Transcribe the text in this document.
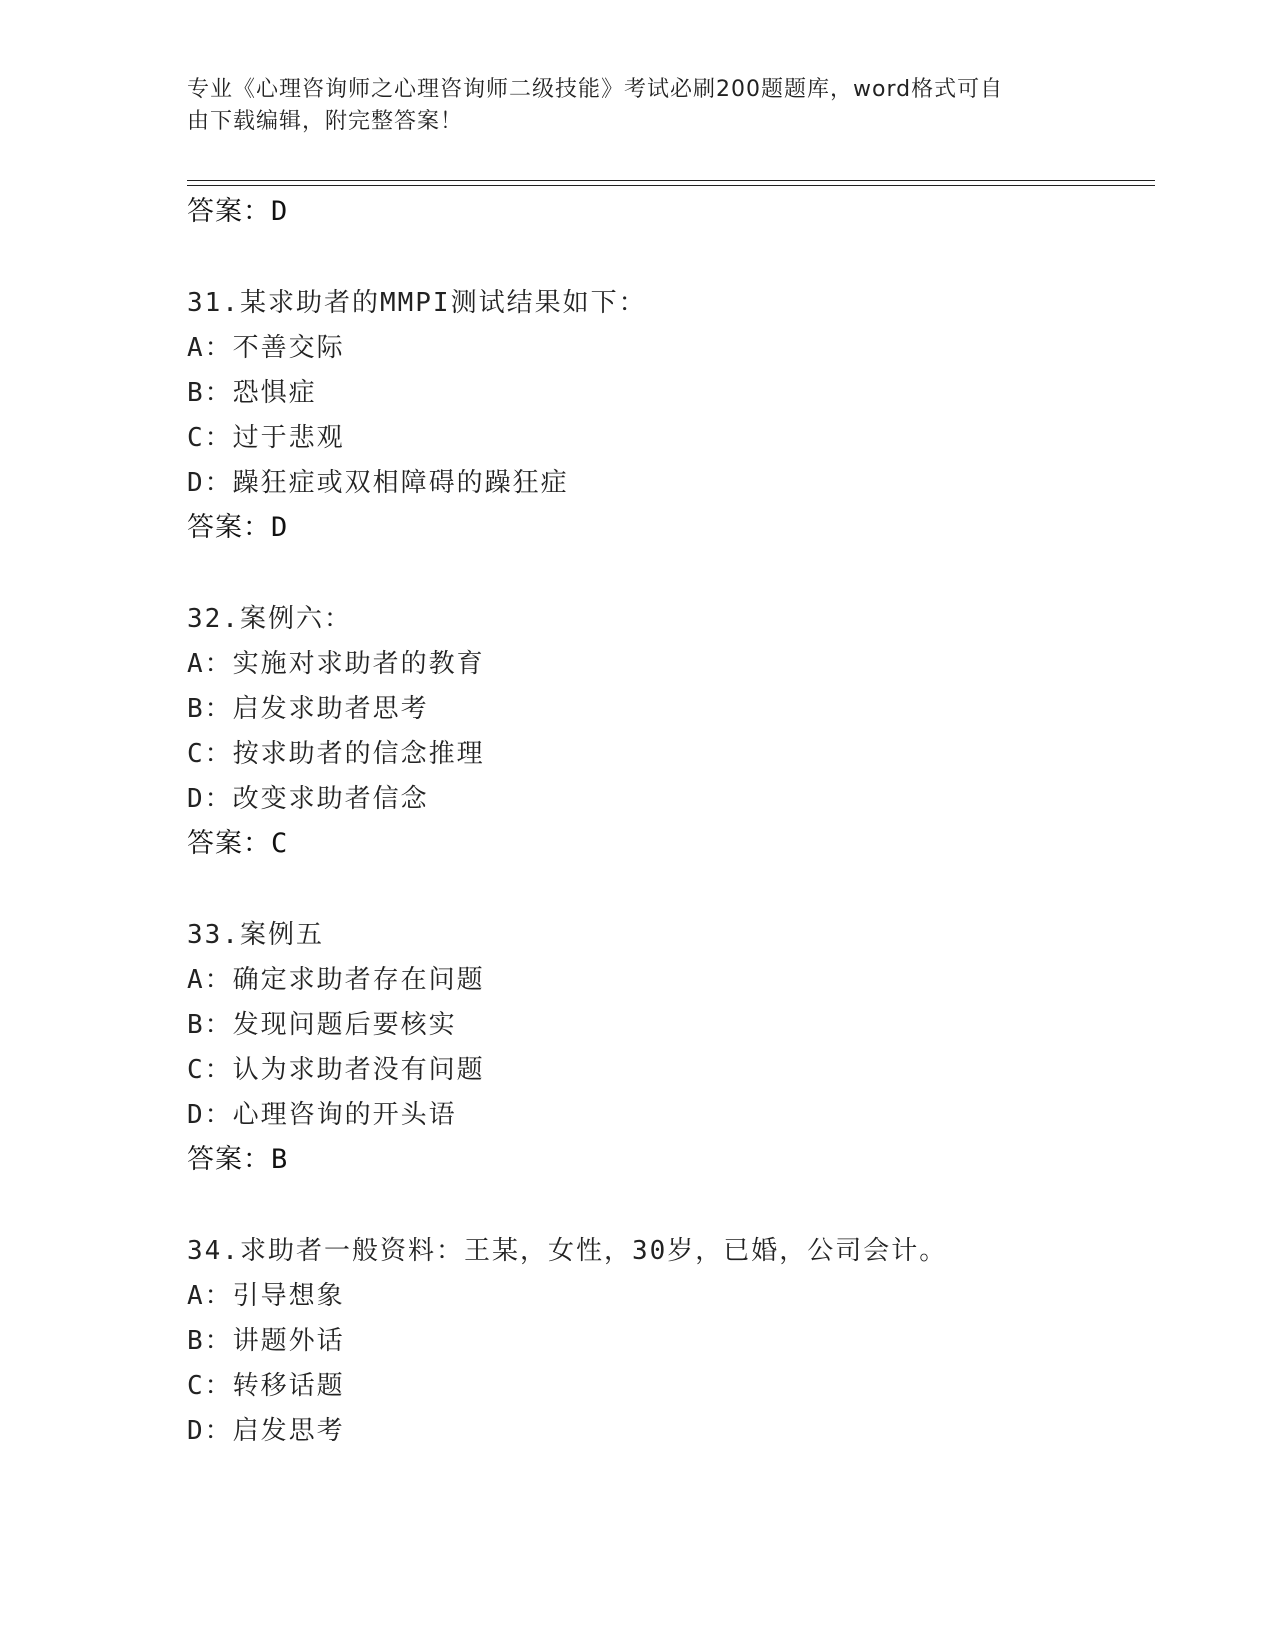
专业《心理咨询师之心理咨询师二级技能》考试必刷200题题库，word格式可自
由下载编辑，附完整答案！
答案：D
31.某求助者的MMPI测试结果如下：
A：不善交际
B：恐惧症
C：过于悲观
D：躁狂症或双相障碍的躁狂症
答案：D
32.案例六：
A：实施对求助者的教育
B：启发求助者思考
C：按求助者的信念推理
D：改变求助者信念
答案：C
33.案例五
A：确定求助者存在问题
B：发现问题后要核实
C：认为求助者没有问题
D：心理咨询的开头语
答案：B
34.求助者一般资料：王某，女性，30岁，已婚，公司会计。
A：引导想象
B：讲题外话
C：转移话题
D：启发思考
